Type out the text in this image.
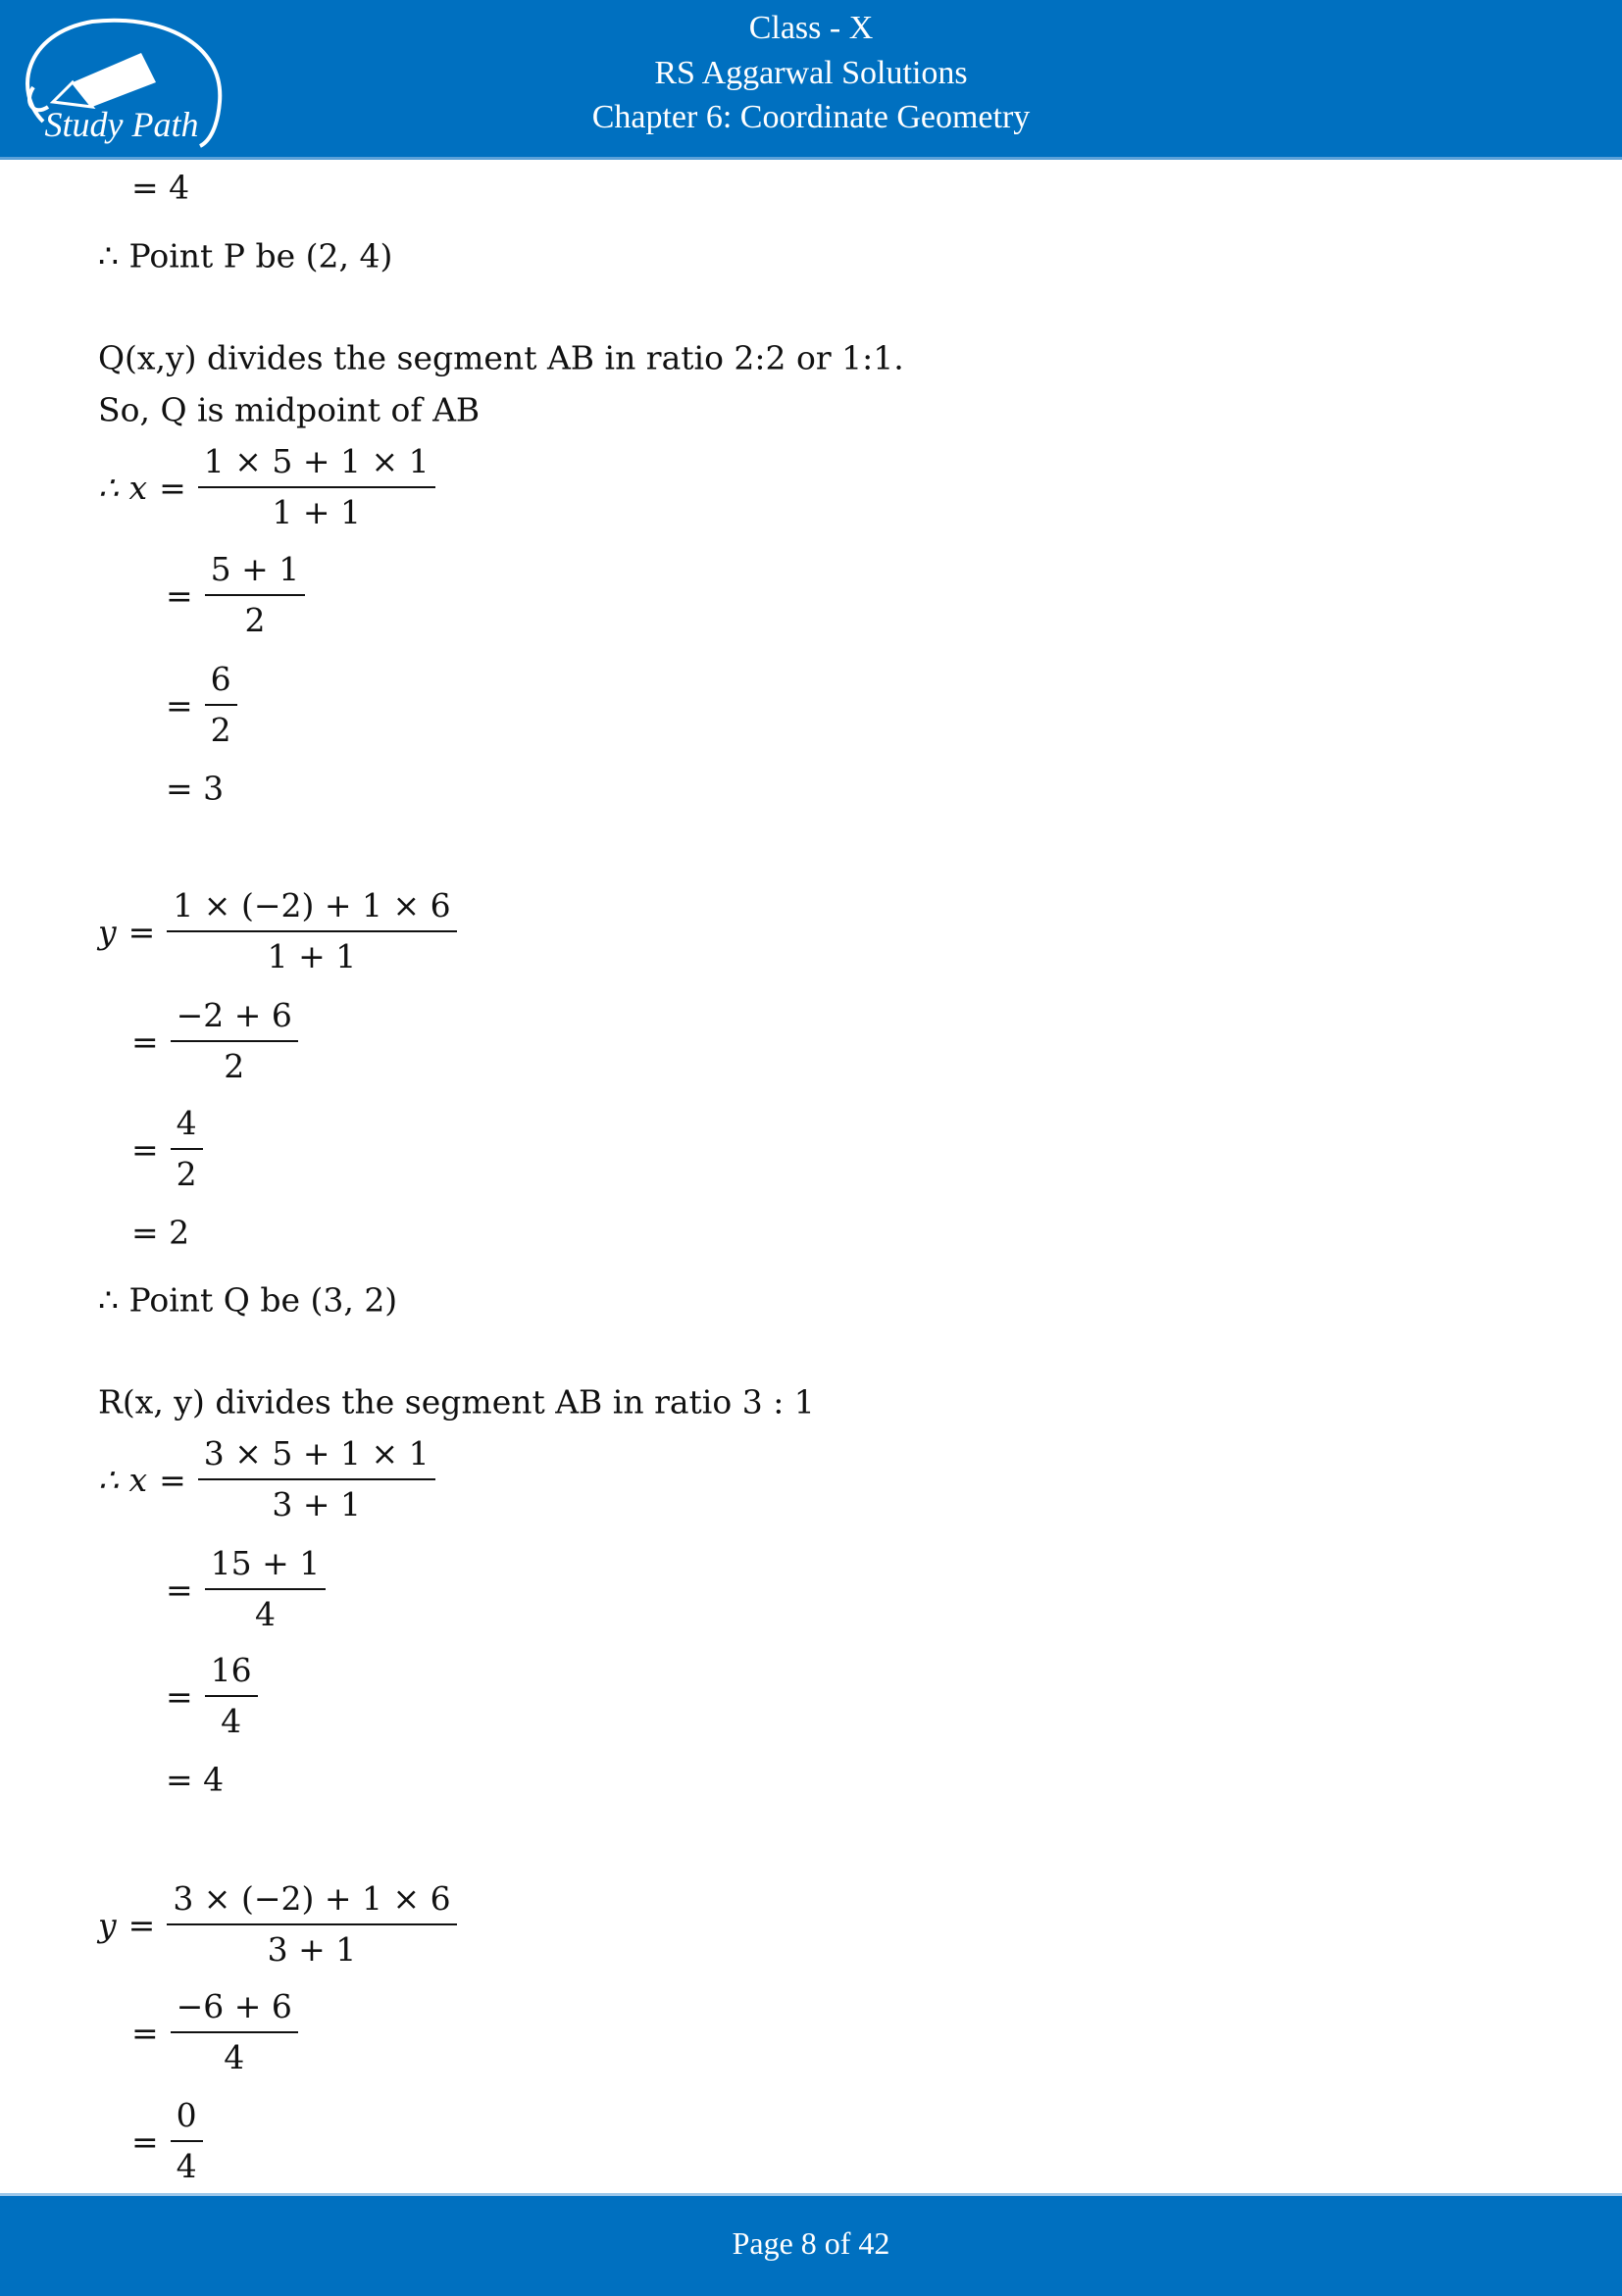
Study Path
Class - X
RS Aggarwal Solutions
Chapter 6: Coordinate Geometry
= 4
∴ Point P be (2, 4)
Q(x,y) divides the segment AB in ratio 2:2 or 1:1.
So, Q is midpoint of AB
∴ $x = \frac{1 \times 5 + 1 \times 1}{1 + 1}$
= $\frac{5 + 1}{2}$
= $\frac{6}{2}$
= 3
$y = \frac{1 \times (-2) + 1 \times 6}{1 + 1}$
= $\frac{-2 + 6}{2}$
= $\frac{4}{2}$
= 2
∴ Point Q be (3, 2)
R(x, y) divides the segment AB in ratio 3 : 1
∴ $x = \frac{3 \times 5 + 1 \times 1}{3 + 1}$
= $\frac{15 + 1}{4}$
= $\frac{16}{4}$
= 4
$y = \frac{3 \times (-2) + 1 \times 6}{3 + 1}$
= $\frac{-6 + 6}{4}$
= $\frac{0}{4}$
Page 8 of 42
